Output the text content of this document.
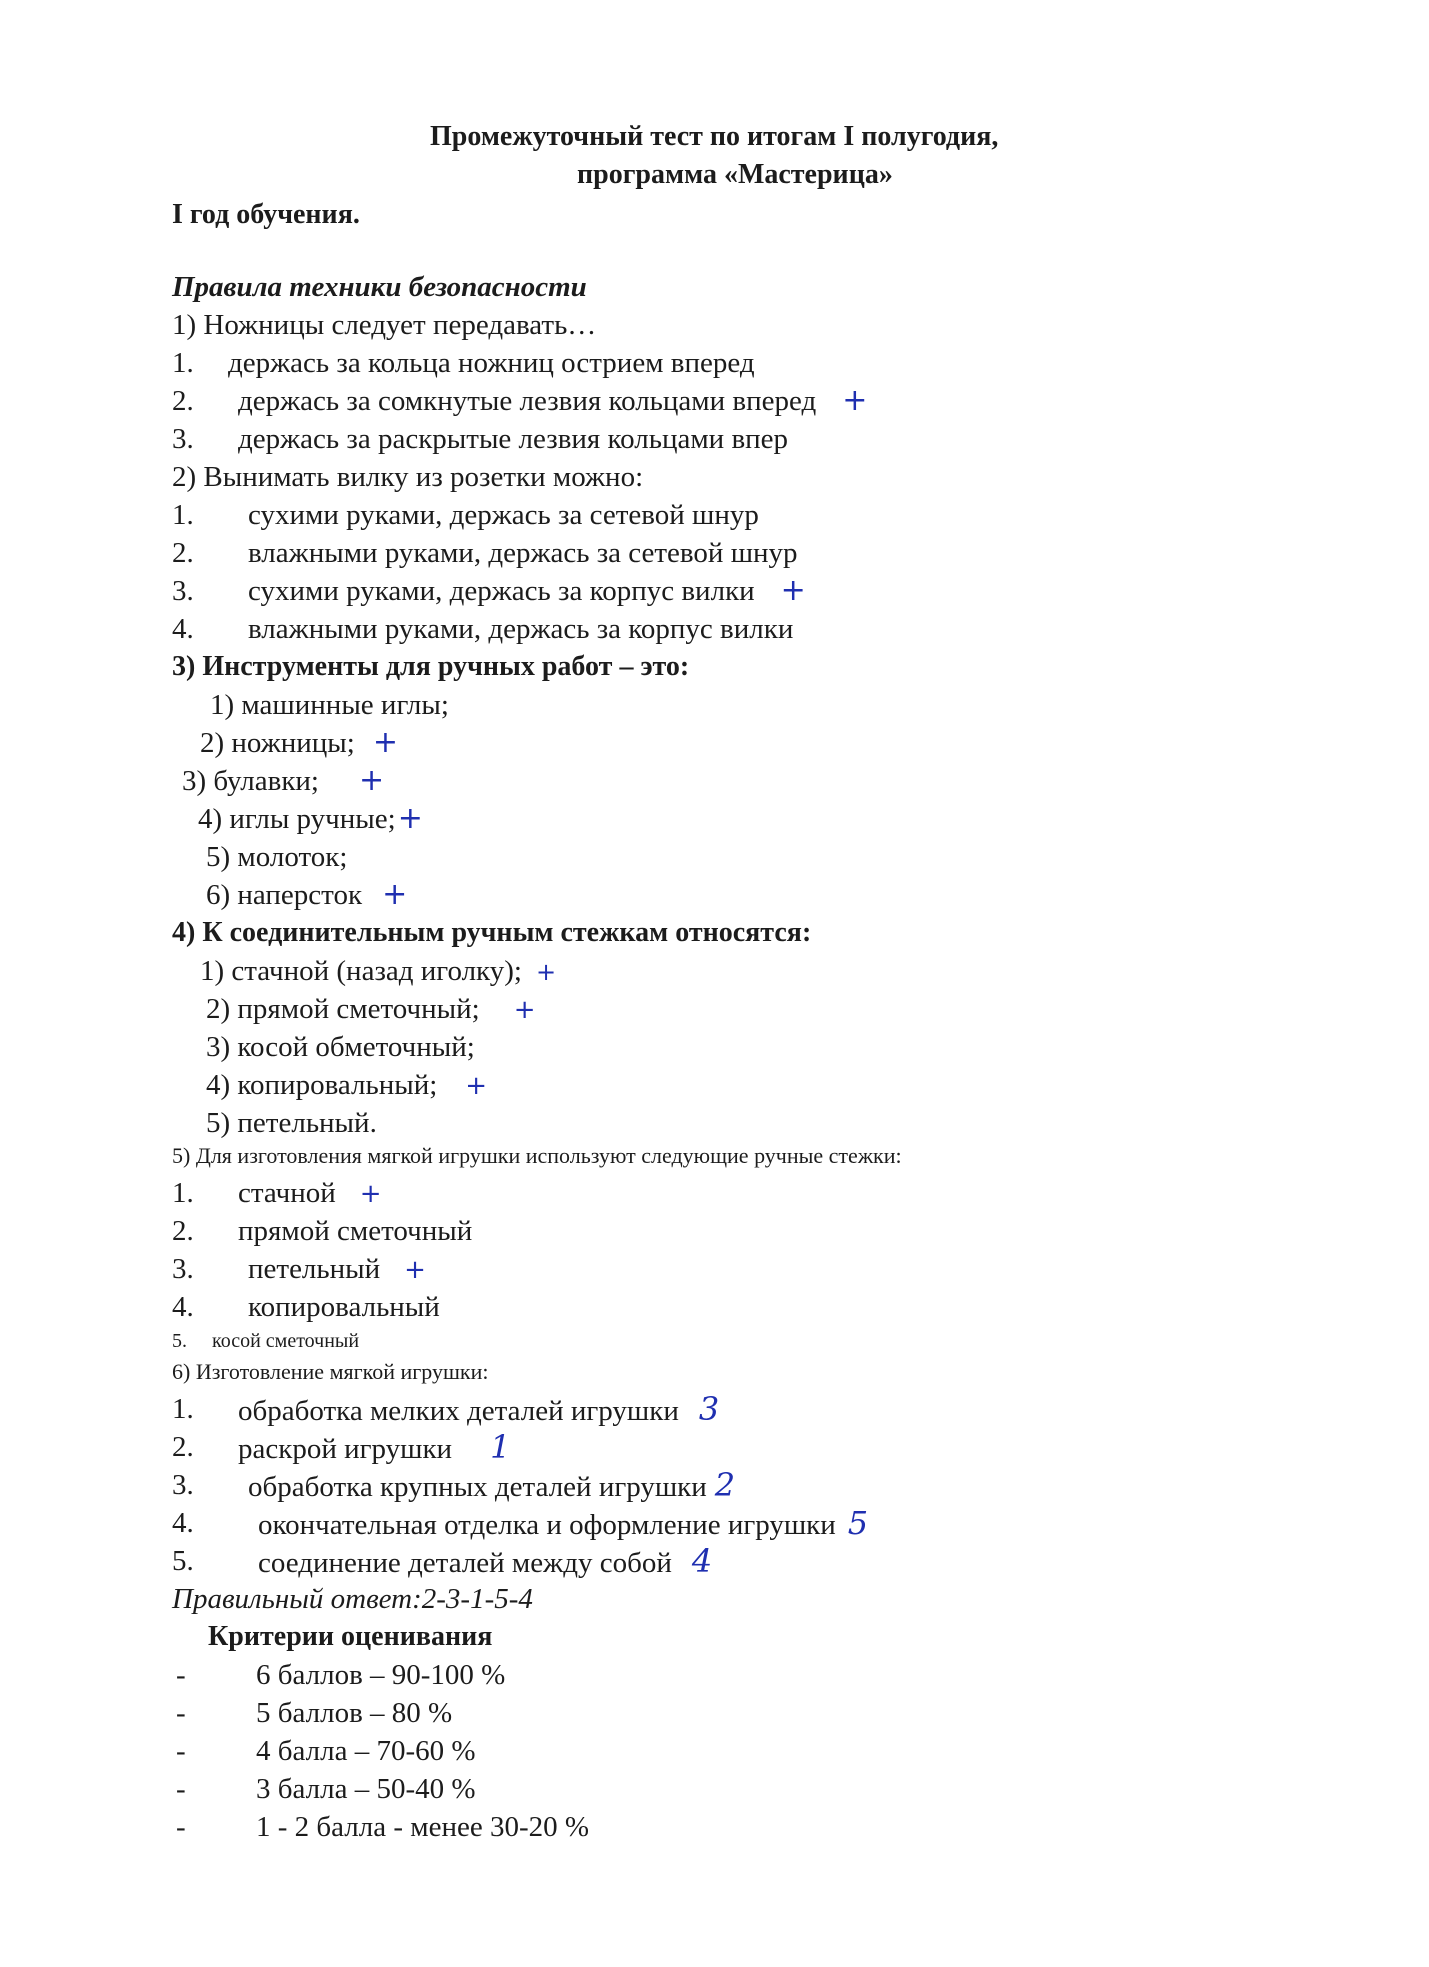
Промежуточный тест по итогам I полугодия,
программа «Мастерица»
I год обучения.
Правила техники безопасности
1) Ножницы следует передавать…
1. держась за кольца ножниц острием вперед
2. держась за сомкнутые лезвия кольцами вперед +
3. держась за раскрытые лезвия кольцами впер
2) Вынимать вилку из розетки можно:
1. сухими руками, держась за сетевой шнур
2. влажными руками, держась за сетевой шнур
3. сухими руками, держась за корпус вилки +
4. влажными руками, держась за корпус вилки
3) Инструменты для ручных работ – это:
1) машинные иглы;
2) ножницы; +
3) булавки; +
4) иглы ручные;+
5) молоток;
6) наперсток +
4) К соединительным ручным стежкам относятся:
1) стачной (назад иголку); +
2) прямой сметочный; +
3) косой обметочный;
4) копировальный; +
5) петельный.
5) Для изготовления мягкой игрушки используют следующие ручные стежки:
1. стачной +
2. прямой сметочный
3. петельный +
4. копировальный
5. косой сметочный
6) Изготовление мягкой игрушки:
1. обработка мелких деталей игрушки 3
2. раскрой игрушки 1
3. обработка крупных деталей игрушки 2
4. окончательная отделка и оформление игрушки 5
5. соединение деталей между собой 4
Правильный ответ:2-3-1-5-4
Критерии оценивания
- 6 баллов – 90-100 %
- 5 баллов – 80 %
- 4 балла – 70-60 %
- 3 балла – 50-40 %
- 1 - 2 балла - менее 30-20 %
